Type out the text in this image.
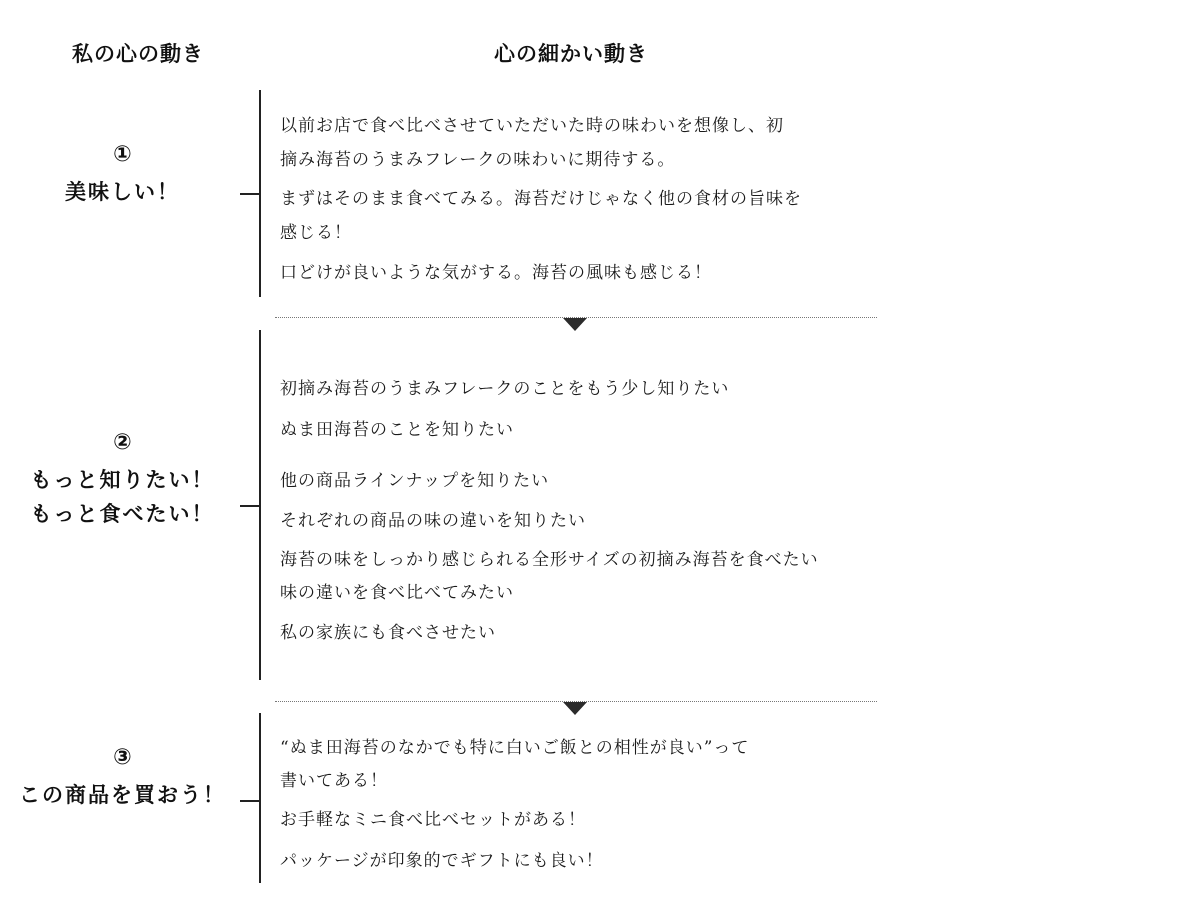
私の心の動き	心の細かい動き
①
美味しい！

以前お店で食べ比べさせていただいた時の味わいを想像し、初

摘み海苔のうまみフレークの味わいに期待する。

まずはそのまま食べてみる。海苔だけじゃなく他の食材の旨味を

感じる！

口どけが良いような気がする。海苔の風味も感じる！

②
もっと知りたい！
もっと食べたい！

初摘み海苔のうまみフレークのことをもう少し知りたい

ぬま田海苔のことを知りたい

他の商品ラインナップを知りたい

それぞれの商品の味の違いを知りたい

海苔の味をしっかり感じられる全形サイズの初摘み海苔を食べたい

味の違いを食べ比べてみたい

私の家族にも食べさせたい

③
この商品を買おう！

“ぬま田海苔のなかでも特に白いご飯との相性が良い”って

書いてある！

お手軽なミニ食べ比べセットがある！

パッケージが印象的でギフトにも良い！
